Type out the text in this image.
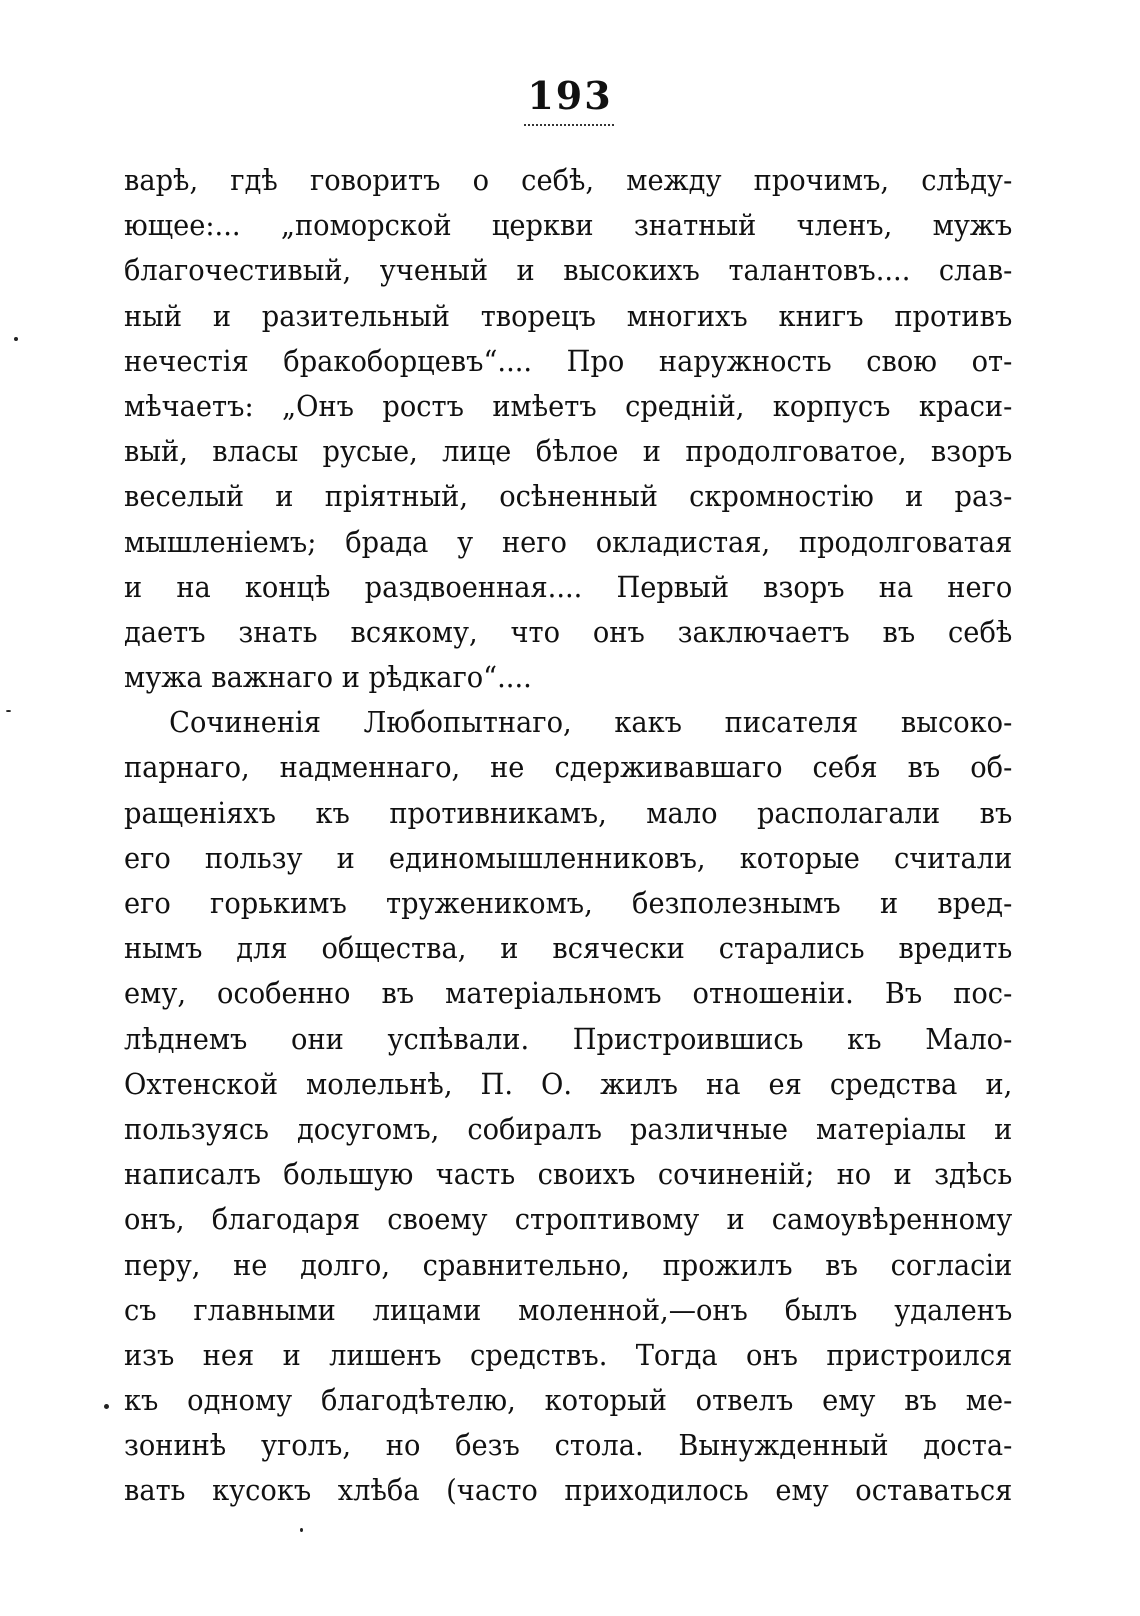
193
варѣ, гдѣ говоритъ о себѣ, между прочимъ, слѣду-
ющее:... „поморской церкви знатный членъ, мужъ
благочестивый, ученый и высокихъ талантовъ.... слав-
ный и разительный творецъ многихъ книгъ противъ
нечестія бракоборцевъ“.... Про наружность свою от-
мѣчаетъ: „Онъ ростъ имѣетъ средній, корпусъ краси-
вый, власы русые, лице бѣлое и продолговатое, взоръ
веселый и пріятный, осѣненный скромностію и раз-
мышленіемъ; брада у него окладистая, продолговатая
и на концѣ раздвоенная.... Первый взоръ на него
даетъ знать всякому, что онъ заключаетъ въ себѣ
мужа важнаго и рѣдкаго“....
Сочиненія Любопытнаго, какъ писателя высоко-
парнаго, надменнаго, не сдерживавшаго себя въ об-
ращеніяхъ къ противникамъ, мало располагали въ
его пользу и единомышленниковъ, которые считали
его горькимъ труженикомъ, безполезнымъ и вред-
нымъ для общества, и всячески старались вредить
ему, особенно въ матеріальномъ отношеніи. Въ пос-
лѣднемъ они успѣвали. Пристроившись къ Мало-
Охтенской молельнѣ, П. О. жилъ на ея средства и,
пользуясь досугомъ, собиралъ различные матеріалы и
написалъ большую часть своихъ сочиненій; но и здѣсь
онъ, благодаря своему строптивому и самоувѣренному
перу, не долго, сравнительно, прожилъ въ согласіи
съ главными лицами моленной,—онъ былъ удаленъ
изъ нея и лишенъ средствъ. Тогда онъ пристроился
къ одному благодѣтелю, который отвелъ ему въ ме-
зонинѣ уголъ, но безъ стола. Вынужденный доста-
вать кусокъ хлѣба (часто приходилось ему оставаться
